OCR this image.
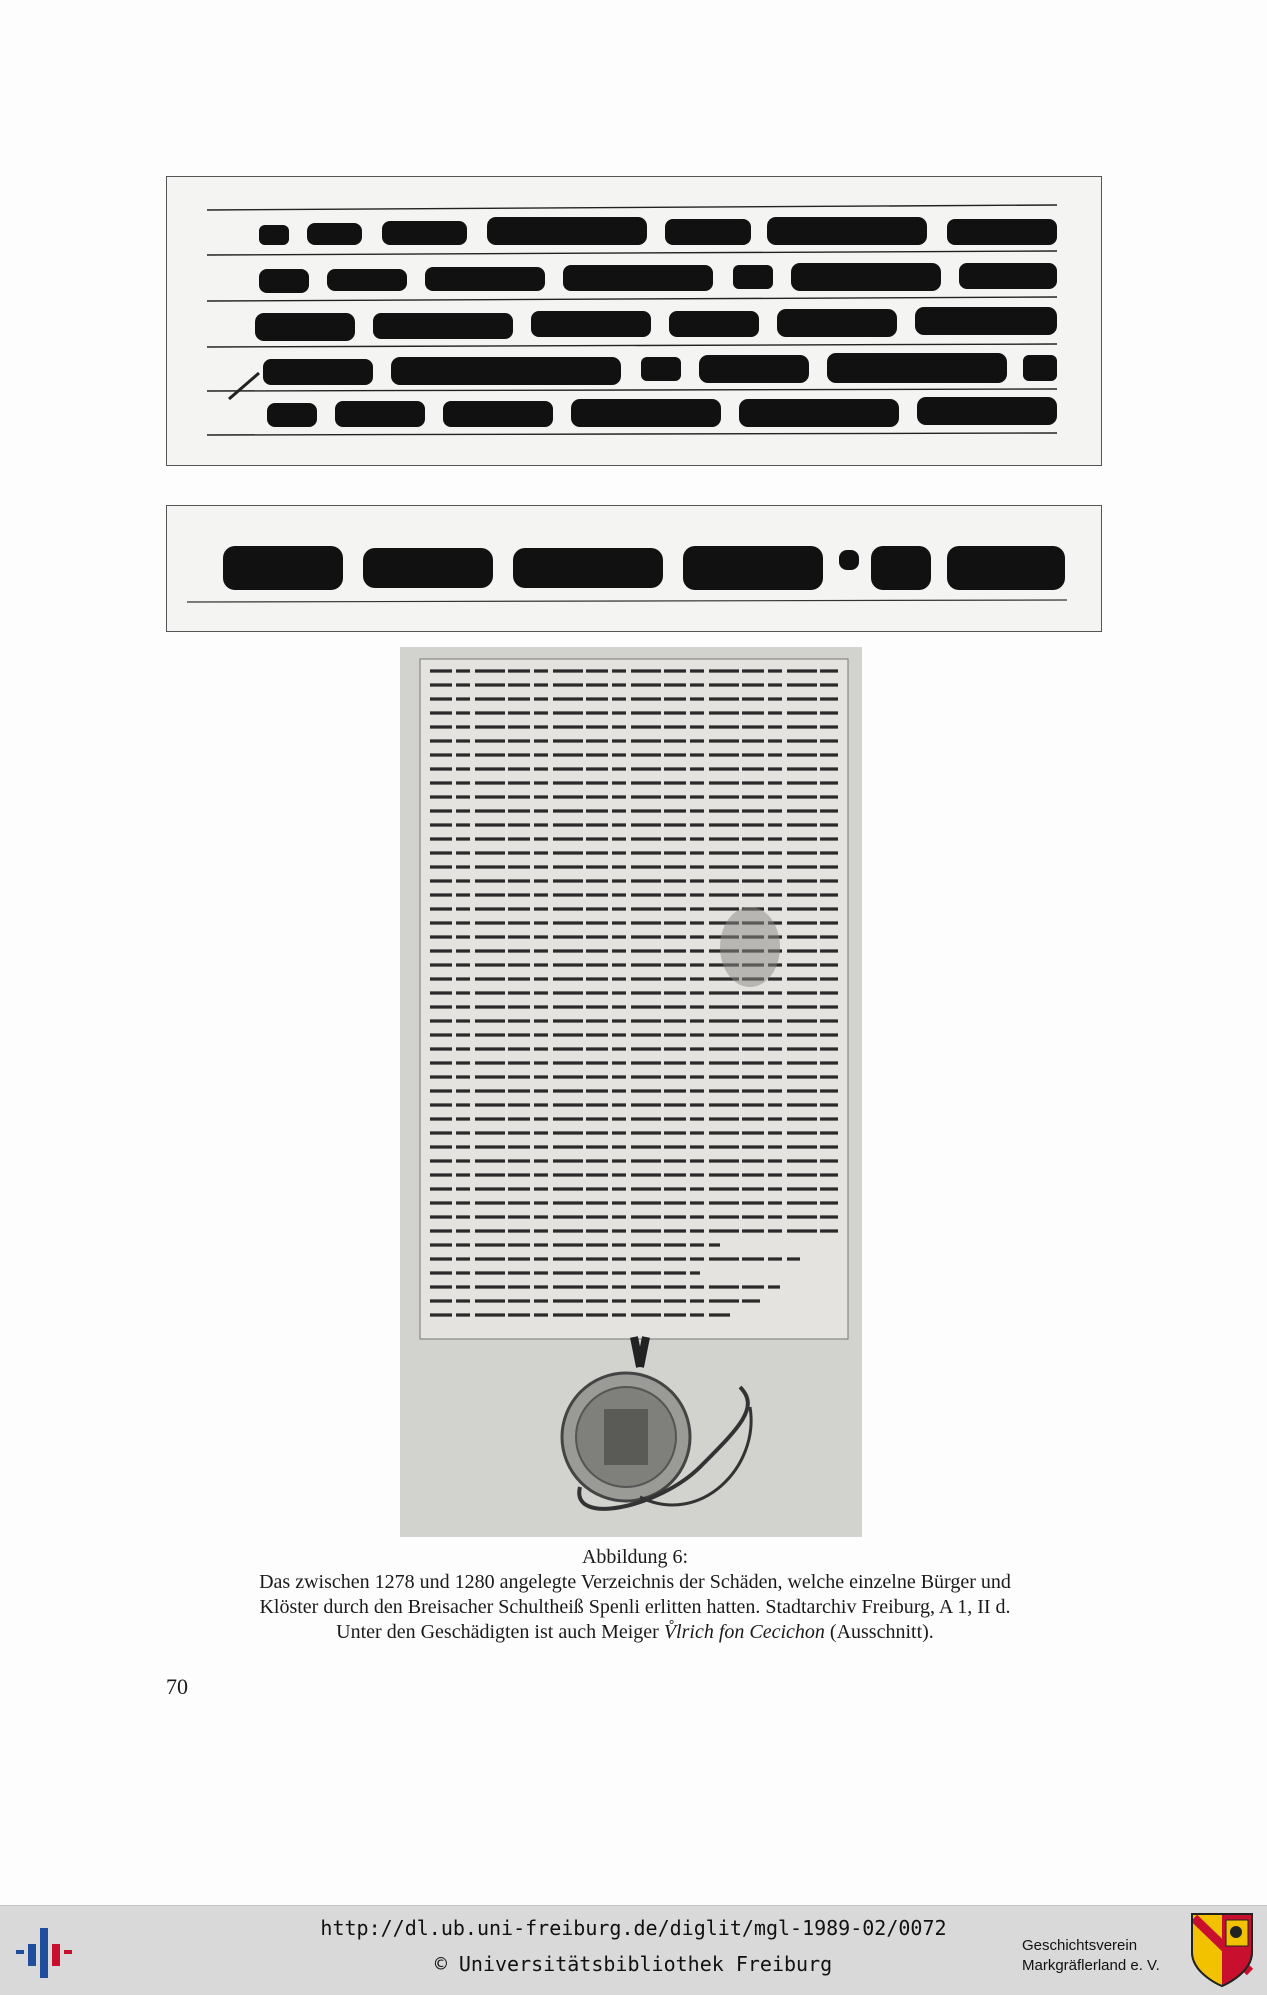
Abbildung 6:
Das zwischen 1278 und 1280 angelegte Verzeichnis der Schäden, welche einzelne Bürger und
Klöster durch den Breisacher Schultheiß Spenli erlitten hatten. Stadtarchiv Freiburg, A 1, II d.
Unter den Geschädigten ist auch Meiger V̊lrich fon Cecichon (Ausschnitt).
70
http://dl.ub.uni-freiburg.de/diglit/mgl-1989-02/0072
© Universitätsbibliothek Freiburg
Geschichtsverein
Markgräflerland e. V.
